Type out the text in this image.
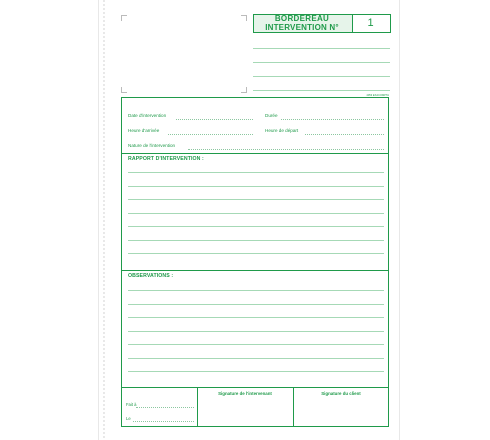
BORDEREAU
INTERVENTION N°	1
4053 EXACOMPTA
Date d'intervention	Durée
Heure d'arrivée	Heure de départ
Nature de l'intervention
RAPPORT D'INTERVENTION :
OBSERVATIONS :
Signature de l'intervenant	Signature du client
Fait à
Le
